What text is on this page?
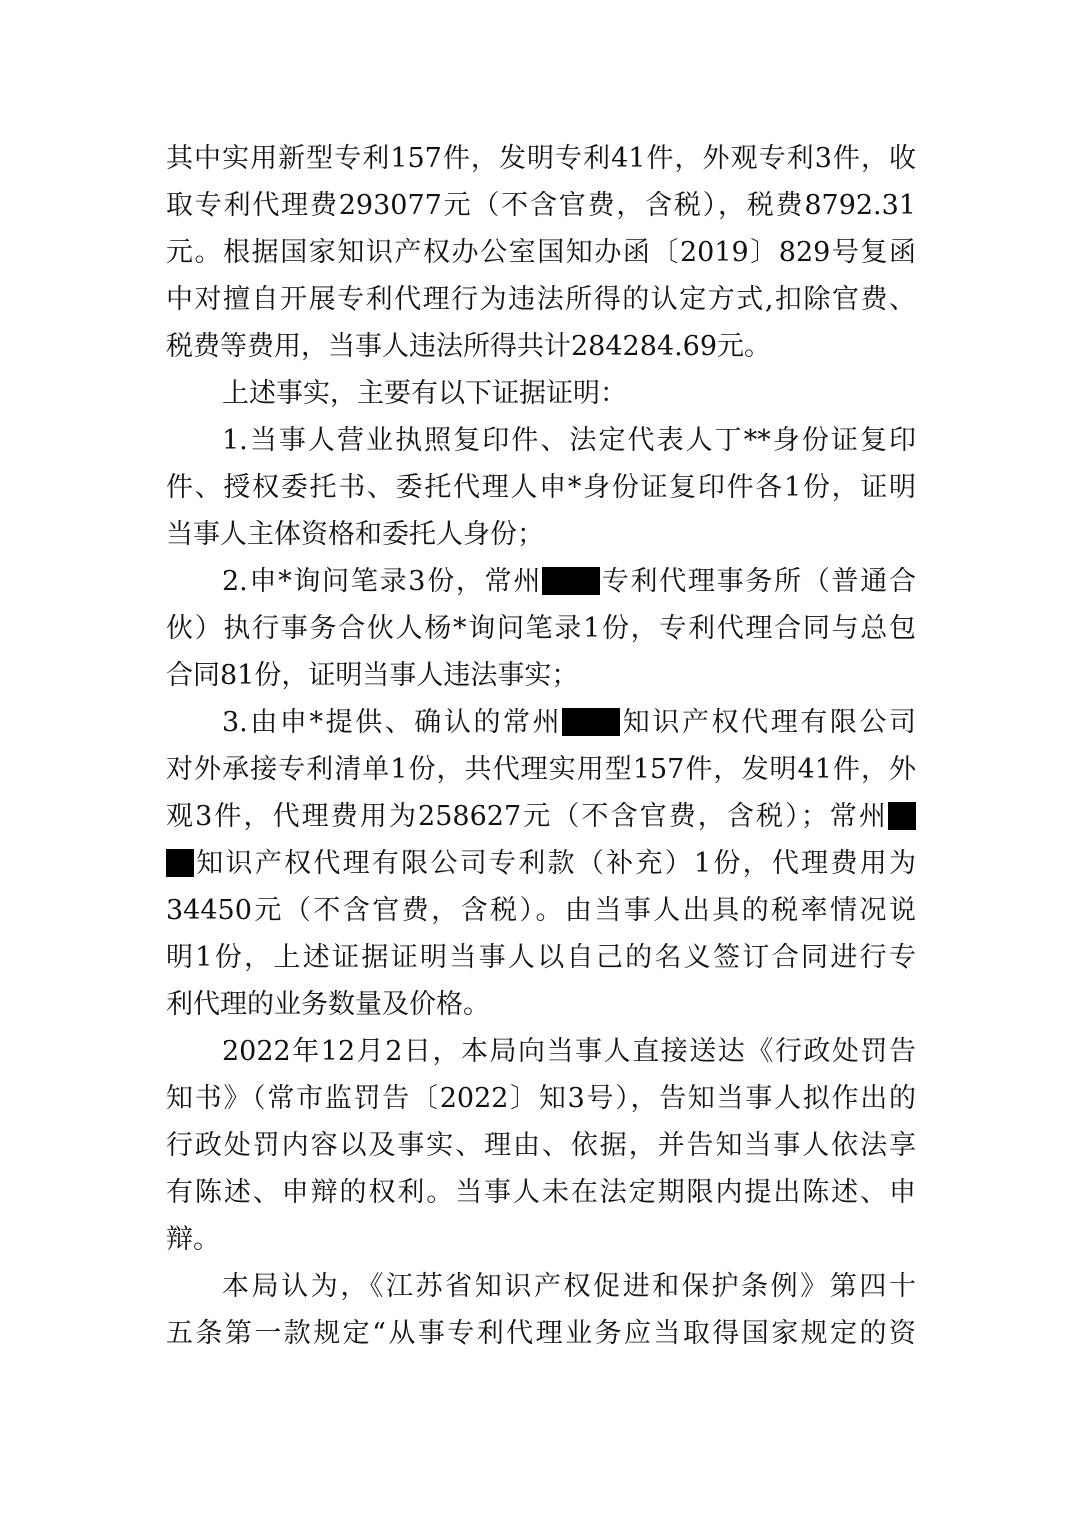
其中实用新型专利157件，发明专利41件，外观专利3件，收
取专利代理费293077元（不含官费，含税），税费8792.31
元。根据国家知识产权办公室国知办函〔2019〕829号复函
中对擅自开展专利代理行为违法所得的认定方式,扣除官费、
税费等费用，当事人违法所得共计284284.69元。
上述事实，主要有以下证据证明：
1.当事人营业执照复印件、法定代表人丁**身份证复印
件、授权委托书、委托代理人申*身份证复印件各1份，证明
当事人主体资格和委托人身份；
2.申*询问笔录3份，常州 专利代理事务所（普通合
伙）执行事务合伙人杨*询问笔录1份，专利代理合同与总包
合同81份，证明当事人违法事实；
3.由申*提供、确认的常州 知识产权代理有限公司
对外承接专利清单1份，共代理实用型157件，发明41件，外
观3件，代理费用为258627元（不含官费，含税）；常州
知识产权代理有限公司专利款（补充）1份，代理费用为
34450元（不含官费，含税）。由当事人出具的税率情况说
明1份，上述证据证明当事人以自己的名义签订合同进行专
利代理的业务数量及价格。
2022年12月2日，本局向当事人直接送达《行政处罚告
知书》（常市监罚告〔2022〕知3号），告知当事人拟作出的
行政处罚内容以及事实、理由、依据，并告知当事人依法享
有陈述、申辩的权利。当事人未在法定期限内提出陈述、申
辩。
本局认为，《江苏省知识产权促进和保护条例》第四十
五条第一款规定“从事专利代理业务应当取得国家规定的资
